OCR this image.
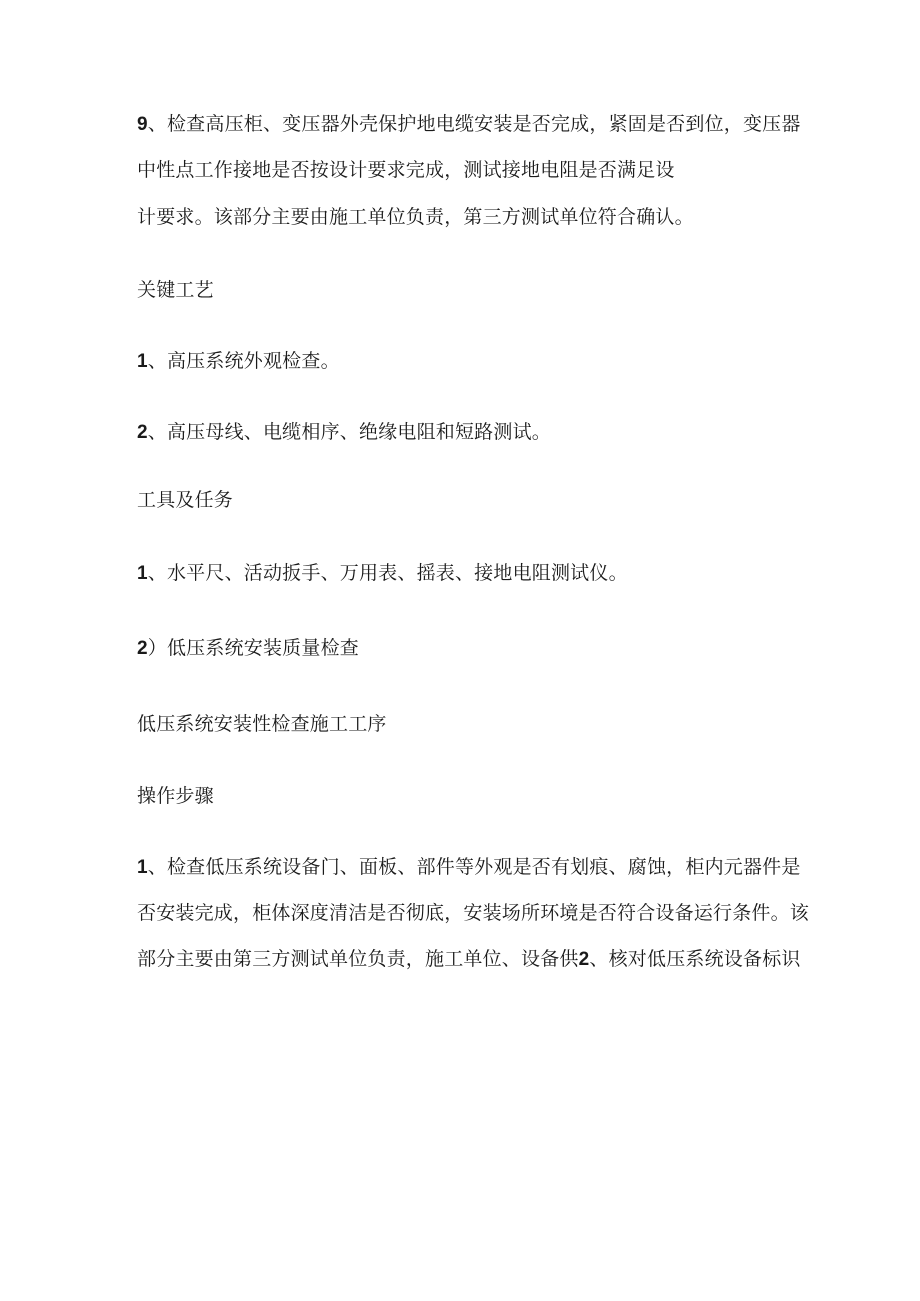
9、检查高压柜、变压器外壳保护地电缆安装是否完成，紧固是否到位，变压器
中性点工作接地是否按设计要求完成，测试接地电阻是否满足设
计要求。该部分主要由施工单位负责，第三方测试单位符合确认。
关键工艺
1、高压系统外观检查。
2、高压母线、电缆相序、绝缘电阻和短路测试。
工具及任务
1、水平尺、活动扳手、万用表、摇表、接地电阻测试仪。
2）低压系统安装质量检查
低压系统安装性检查施工工序
操作步骤
1、检查低压系统设备门、面板、部件等外观是否有划痕、腐蚀，柜内元器件是
否安装完成，柜体深度清洁是否彻底，安装场所环境是否符合设备运行条件。该
部分主要由第三方测试单位负责，施工单位、设备供2、核对低压系统设备标识
